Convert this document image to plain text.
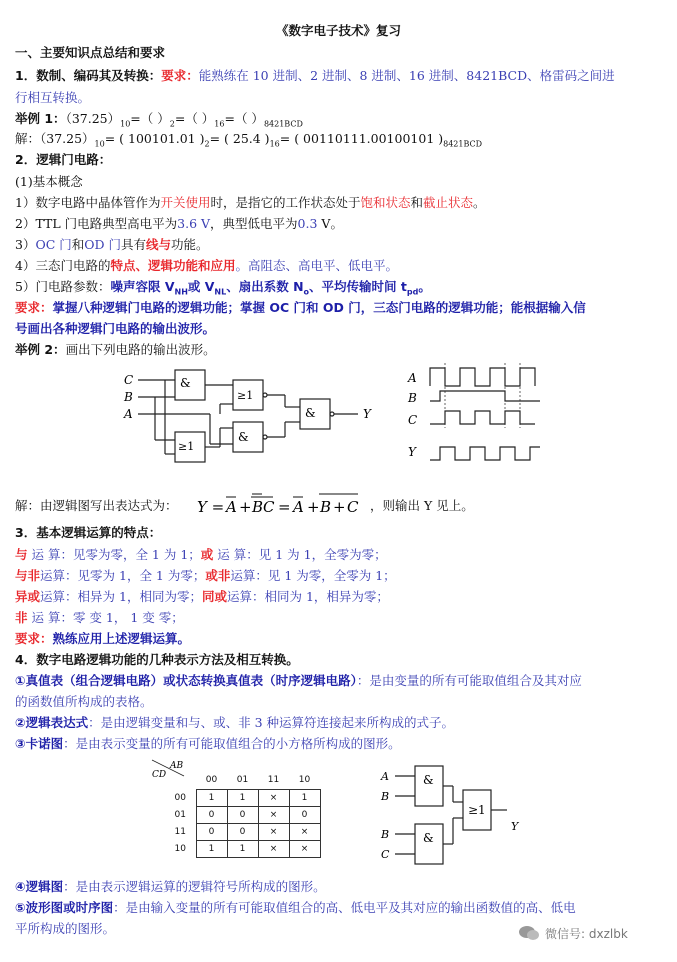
《数字电子技术》复习
一、主要知识点总结和要求
1．数制、编码其及转换：要求：能熟练在 10 进制、2 进制、8 进制、16 进制、8421BCD、格雷码之间进
行相互转换。
举例 1：$(37.25)_{10}=$（ ）$_2=$（ ）$_{16}=$（ ）$_{8421BCD}$
解：$(37.25)_{10}=$ ( 100101.01 )$_2=$ ( 25.4 )$_{16}=$ ( 00110111.00100101 )$_{8421BCD}$
2．逻辑门电路：
(1)基本概念
1）数字电路中晶体管作为开关使用时，是指它的工作状态处于饱和状态和截止状态。
2）TTL 门电路典型高电平为3.6 V，典型低电平为0.3 V。
3）OC 门和OD 门具有线与功能。
4）三态门电路的特点、逻辑功能和应用。高阻态、高电平、低电平。
5）门电路参数：噪声容限 $V_{NH}$或 $V_{NL}$、扇出系数 $N_o$、平均传输时间 $t_{pd}$。
要求：掌握八种逻辑门电路的逻辑功能；掌握 OC 门和 OD 门，三态门电路的逻辑功能；能根据输入信
号画出各种逻辑门电路的输出波形。
举例 2：画出下列电路的输出波形。
C
B
A	Y
&
≥1
≥1
&
&
A
B
C
Y
解：由逻辑图写出表达式为： Y = A + B C = A + B + C ，则输出 Y 见上。
3．基本逻辑运算的特点：
与 运 算：见零为零，全 1 为 1；或 运 算：见 1 为 1，全零为零；
与非运算：见零为 1，全 1 为零；或非运算：见 1 为零，全零为 1；
异或运算：相异为 1，相同为零；同或运算：相同为 1，相异为零；
非 运 算：零 变 1， 1 变 零；
要求：熟练应用上述逻辑运算。
4．数字电路逻辑功能的几种表示方法及相互转换。
①真值表（组合逻辑电路）或状态转换真值表（时序逻辑电路）：是由变量的所有可能取值组合及其对应
的函数值所构成的表格。
②逻辑表达式：是由逻辑变量和与、或、非 3 种运算符连接起来所构成的式子。
③卡诺图：是由表示变量的所有可能取值组合的小方格所构成的图形。
AB
CD
	00	01	11	10
00	1	1	×	1
01	0	0	×	0
11	0	0	×	×
10	1	1	×	×
A
B
B
C
Y
&
&
≥1
④逻辑图：是由表示逻辑运算的逻辑符号所构成的图形。
⑤波形图或时序图：是由输入变量的所有可能取值组合的高、低电平及其对应的输出函数值的高、低电
平所构成的图形。	微信号: dxzlbk
